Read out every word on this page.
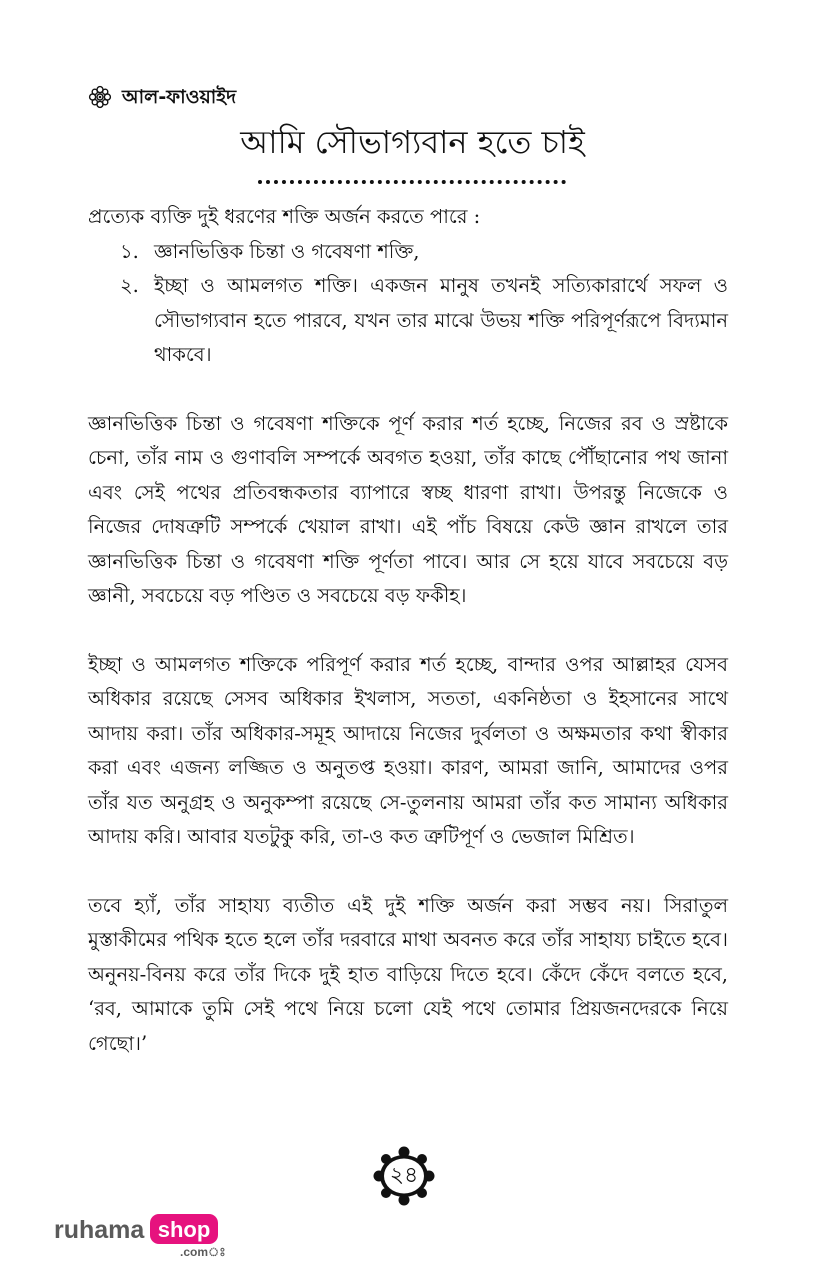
আল-ফাওয়াইদ
আমি সৌভাগ্যবান হতে চাই

প্রত্যেক ব্যক্তি দুই ধরণের শক্তি অর্জন করতে পারে :

১. জ্ঞানভিত্তিক চিন্তা ও গবেষণা শক্তি,
২. ইচ্ছা ও আমলগত শক্তি। একজন মানুষ তখনই সত্যিকারার্থে সফল ও সৌভাগ্যবান হতে পারবে, যখন তার মাঝে উভয় শক্তি পরিপূর্ণরূপে বিদ্যমান থাকবে।

জ্ঞানভিত্তিক চিন্তা ও গবেষণা শক্তিকে পূর্ণ করার শর্ত হচ্ছে, নিজের রব ও স্রষ্টাকে চেনা, তাঁর নাম ও গুণাবলি সম্পর্কে অবগত হওয়া, তাঁর কাছে পৌঁছানোর পথ জানা এবং সেই পথের প্রতিবন্ধকতার ব্যাপারে স্বচ্ছ ধারণা রাখা। উপরন্তু নিজেকে ও নিজের দোষত্রুটি সম্পর্কে খেয়াল রাখা। এই পাঁচ বিষয়ে কেউ জ্ঞান রাখলে তার জ্ঞানভিত্তিক চিন্তা ও গবেষণা শক্তি পূর্ণতা পাবে। আর সে হয়ে যাবে সবচেয়ে বড় জ্ঞানী, সবচেয়ে বড় পণ্ডিত ও সবচেয়ে বড় ফকীহ।

ইচ্ছা ও আমলগত শক্তিকে পরিপূর্ণ করার শর্ত হচ্ছে, বান্দার ওপর আল্লাহর যেসব অধিকার রয়েছে সেসব অধিকার ইখলাস, সততা, একনিষ্ঠতা ও ইহসানের সাথে আদায় করা। তাঁর অধিকার-সমূহ আদায়ে নিজের দুর্বলতা ও অক্ষমতার কথা স্বীকার করা এবং এজন্য লজ্জিত ও অনুতপ্ত হওয়া। কারণ, আমরা জানি, আমাদের ওপর তাঁর যত অনুগ্রহ ও অনুকম্পা রয়েছে সে-তুলনায় আমরা তাঁর কত সামান্য অধিকার আদায় করি। আবার যতটুকু করি, তা-ও কত ত্রুটিপূর্ণ ও ভেজাল মিশ্রিত।

তবে হ্যাঁ, তাঁর সাহায্য ব্যতীত এই দুই শক্তি অর্জন করা সম্ভব নয়। সিরাতুল মুস্তাকীমের পথিক হতে হলে তাঁর দরবারে মাথা অবনত করে তাঁর সাহায্য চাইতে হবে। অনুনয়-বিনয় করে তাঁর দিকে দুই হাত বাড়িয়ে দিতে হবে। কেঁদে কেঁদে বলতে হবে, ‘রব, আমাকে তুমি সেই পথে নিয়ে চলো যেই পথে তোমার প্রিয়জনদেরকে নিয়ে গেছো।’

২৪
ruhama shop
.comঃ
